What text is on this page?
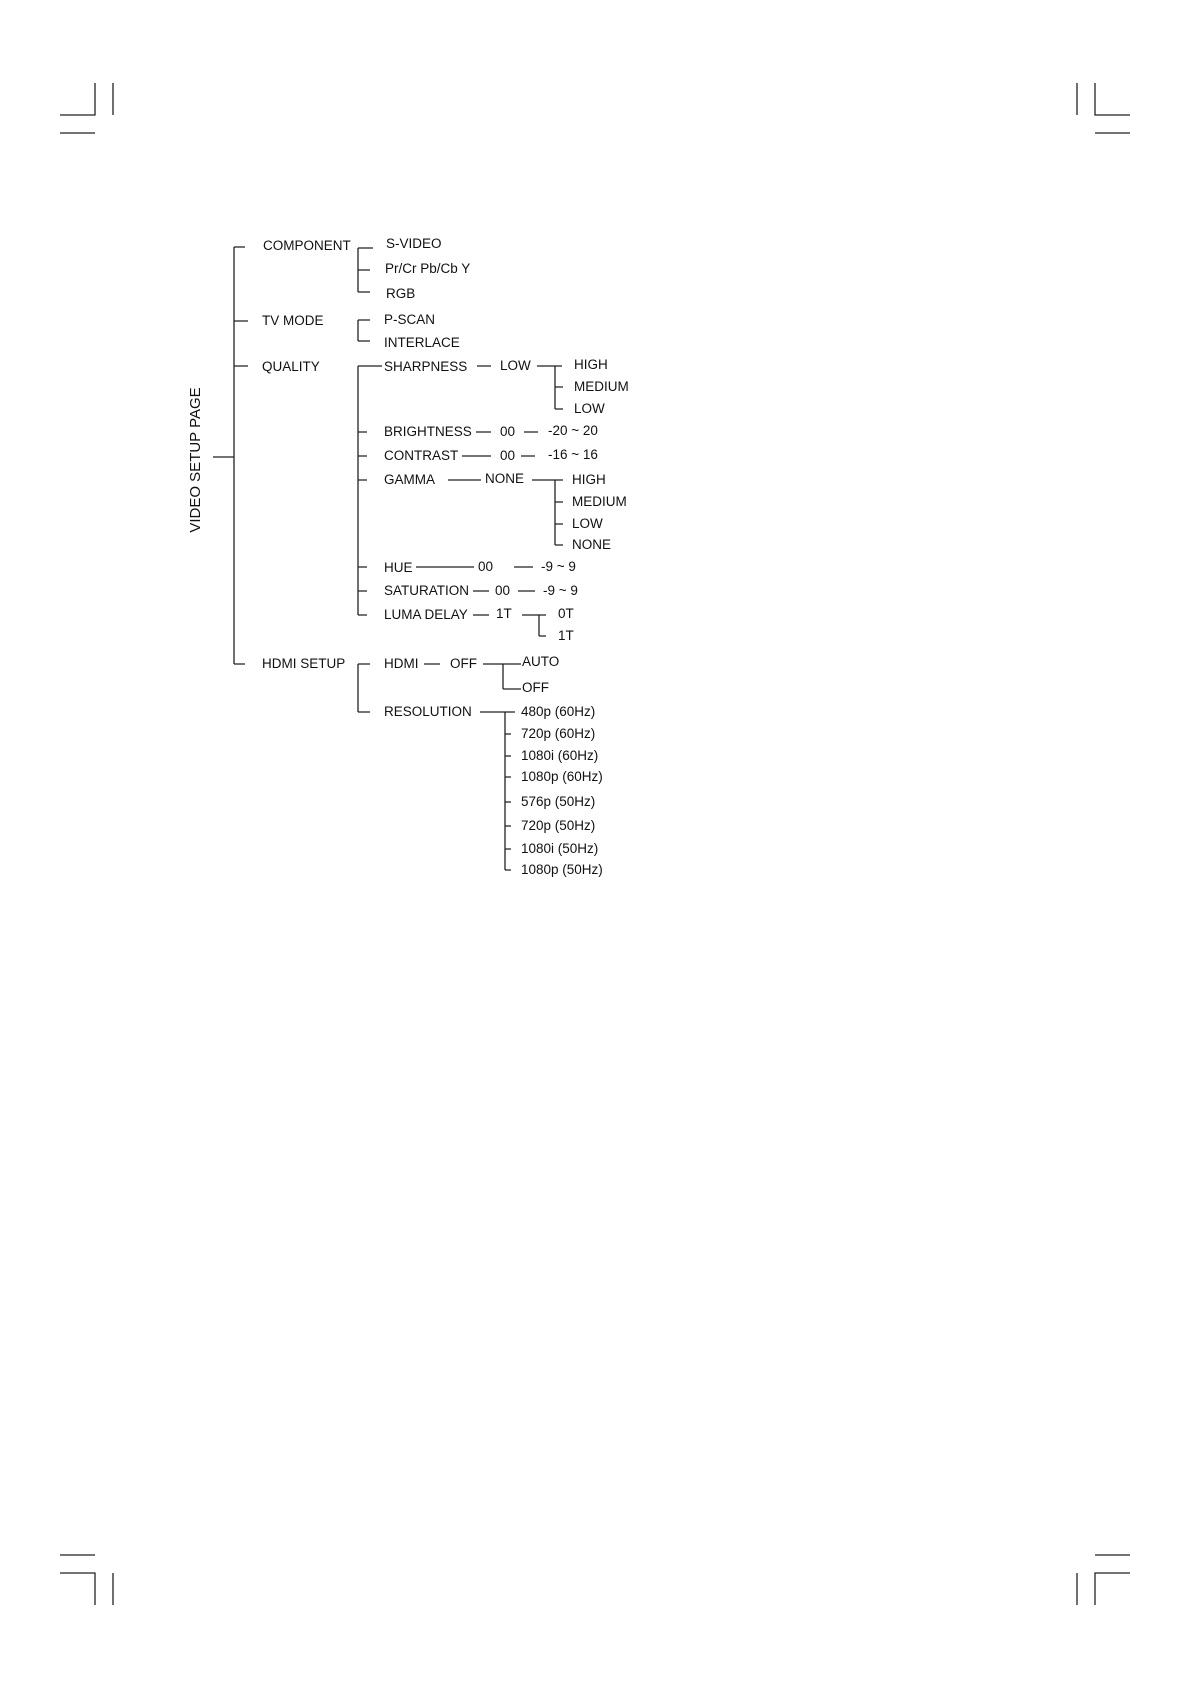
VIDEO SETUP PAGE
COMPONENT	S-VIDEO
Pr/Cr Pb/Cb Y
RGB
TV MODE	P-SCAN
INTERLACE
QUALITY	SHARPNESS LOW	HIGH
MEDIUM
LOW
BRIGHTNESS 00 -20 ~ 20
CONTRAST	00 -16 ~ 16
GAMMA	NONE	HIGH
MEDIUM
LOW
NONE
HUE	00	-9 ~ 9
SATURATION 00 -9 ~ 9
LUMA DELAY 1T	0T
1T
HDMI SETUP	HDMI OFF	AUTO
OFF
RESOLUTION	480p (60Hz)
720p (60Hz)
1080i (60Hz)
1080p (60Hz)
576p (50Hz)
720p (50Hz)
1080i (50Hz)
1080p (50Hz)
